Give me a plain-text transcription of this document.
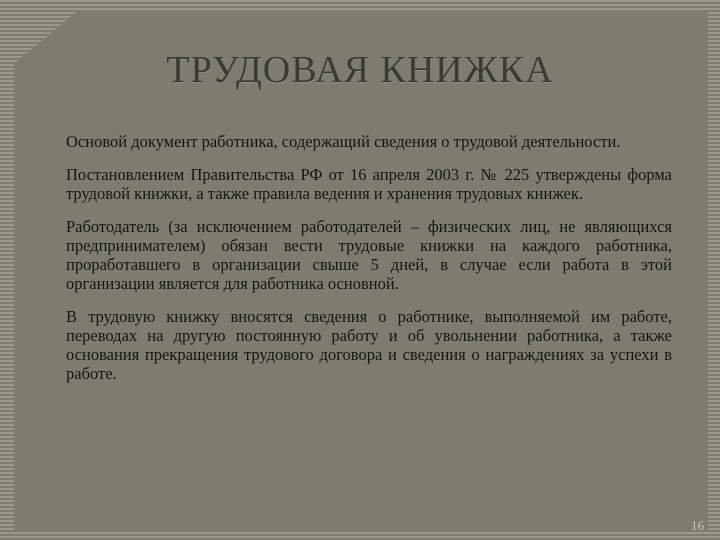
ТРУДОВАЯ КНИЖКА

Основой документ работника, содержащий сведения о трудовой деятельности.

Постановлением Правительства РФ от 16 апреля 2003 г. № 225 утверждены форма трудовой книжки, а также правила ведения и хранения трудовых книжек.

Работодатель (за исключением работодателей – физических лиц, не являющихся предпринимателем) обязан вести трудовые книжки на каждого работника, проработавшего в организации свыше 5 дней, в случае если работа в этой организации является для работника основной.

В трудовую книжку вносятся сведения о работнике, выполняемой им работе, переводах на другую постоянную работу и об увольнении работника, а также основания прекращения трудового договора и сведения о награждениях за успехи в работе.

16
